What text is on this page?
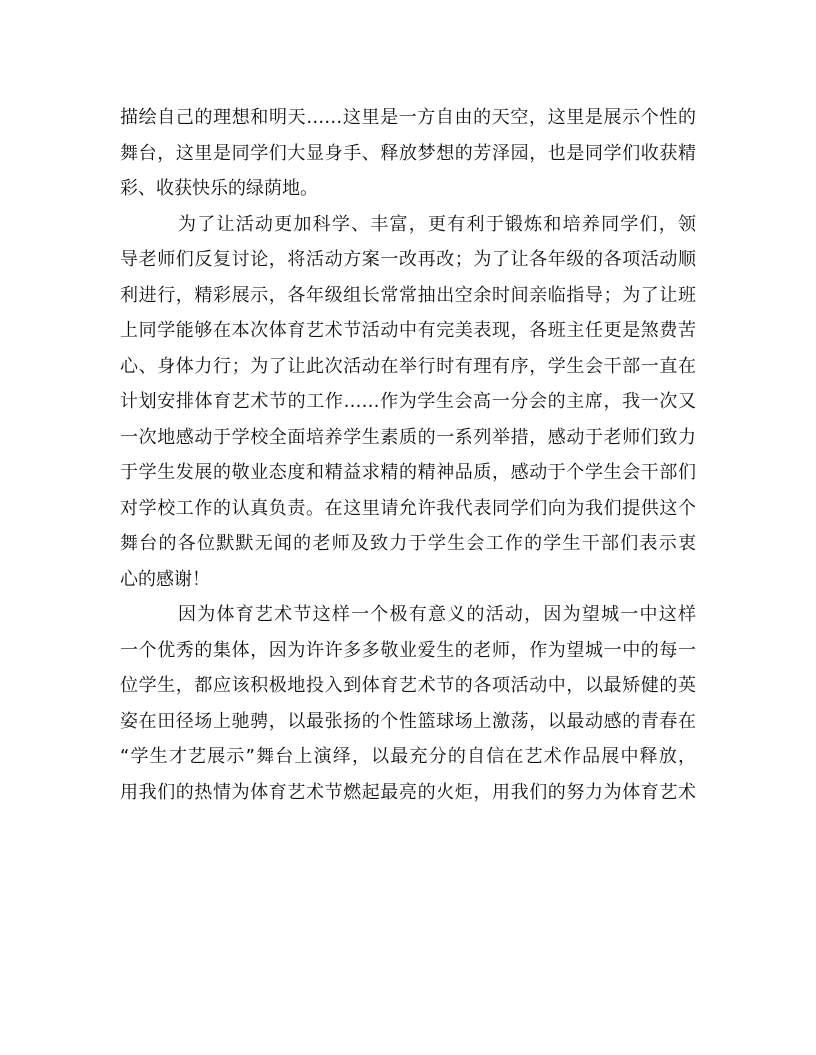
描绘自己的理想和明天……这里是一方自由的天空，这里是展示个性的
舞台，这里是同学们大显身手、释放梦想的芳泽园，也是同学们收获精
彩、收获快乐的绿荫地。
为了让活动更加科学、丰富，更有利于锻炼和培养同学们，领
导老师们反复讨论，将活动方案一改再改；为了让各年级的各项活动顺
利进行，精彩展示，各年级组长常常抽出空余时间亲临指导；为了让班
上同学能够在本次体育艺术节活动中有完美表现，各班主任更是煞费苦
心、身体力行；为了让此次活动在举行时有理有序，学生会干部一直在
计划安排体育艺术节的工作……作为学生会高一分会的主席，我一次又
一次地感动于学校全面培养学生素质的一系列举措，感动于老师们致力
于学生发展的敬业态度和精益求精的精神品质，感动于个学生会干部们
对学校工作的认真负责。在这里请允许我代表同学们向为我们提供这个
舞台的各位默默无闻的老师及致力于学生会工作的学生干部们表示衷
心的感谢！
因为体育艺术节这样一个极有意义的活动，因为望城一中这样
一个优秀的集体，因为许许多多敬业爱生的老师，作为望城一中的每一
位学生，都应该积极地投入到体育艺术节的各项活动中，以最矫健的英
姿在田径场上驰骋，以最张扬的个性篮球场上激荡，以最动感的青春在
“学生才艺展示”舞台上演绎，以最充分的自信在艺术作品展中释放，
用我们的热情为体育艺术节燃起最亮的火炬，用我们的努力为体育艺术
